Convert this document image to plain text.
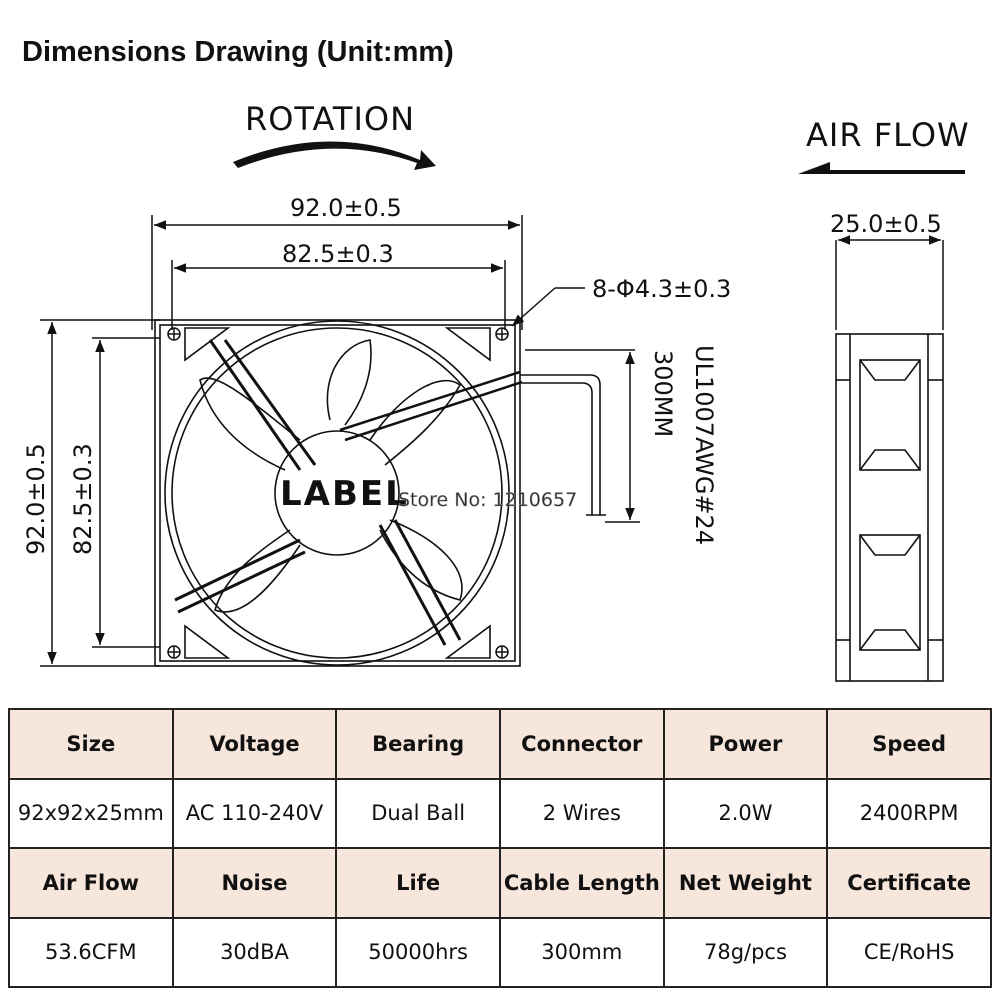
Dimensions Drawing (Unit:mm)
ROTATION	AIR FLOW
92.0±0.5
82.5±0.3
92.0±0.5 82.5±0.3
8-Φ4.3±0.3
LABEL
300MM UL1007AWG#24
Store No: 1210657
25.0±0.5
Size	Voltage	Bearing	Connector	Power	Speed
92x92x25mm	AC 110-240V	Dual Ball	2 Wires	2.0W	2400RPM
Air Flow	Noise	Life	Cable Length	Net Weight	Certificate
53.6CFM	30dBA	50000hrs	300mm	78g/pcs	CE/RoHS
